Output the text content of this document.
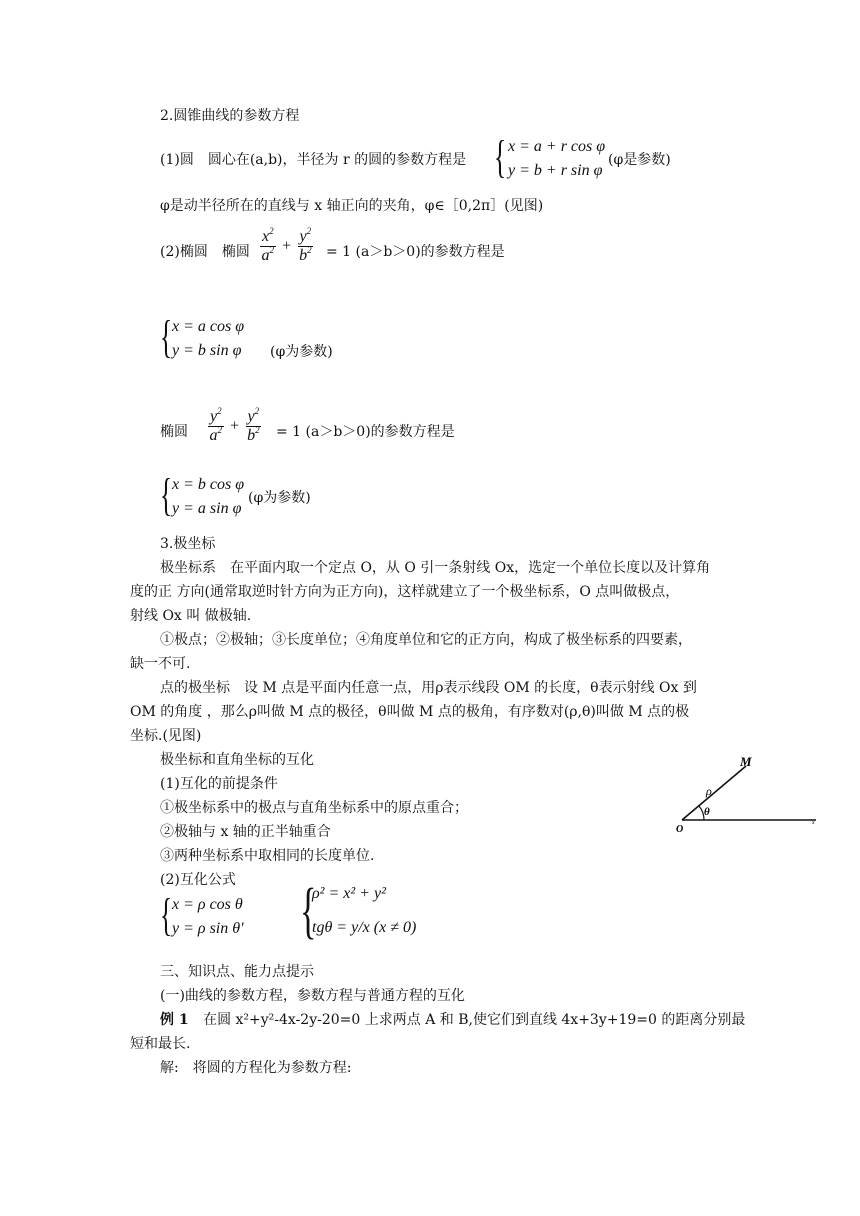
2.圆锥曲线的参数方程
(1)圆　圆心在(a,b)，半径为 r 的圆的参数方程是 { x = a + r cos φ
y = b + r sin φ
(φ是参数)
φ是动半径所在的直线与 x 轴正向的夹角，φ∈［0,2π］(见图)
(2)椭圆　椭圆 $\frac{x^2}{a^2} + \frac{y^2}{b^2} = 1$ (a＞b＞0)的参数方程是
{ x = a cos φ
y = b sin φ (φ为参数)
椭圆 $\frac{y^2}{a^2} + \frac{y^2}{b^2} = 1$ (a＞b＞0)的参数方程是
{ x = b cos φ
y = a sin φ
(φ为参数)
3.极坐标
极坐标系　在平面内取一个定点 O，从 O 引一条射线 Ox，选定一个单位长度以及计算角
度的正 方向(通常取逆时针方向为正方向)，这样就建立了一个极坐标系，O 点叫做极点，
射线 Ox 叫 做极轴.
①极点；②极轴；③长度单位；④角度单位和它的正方向，构成了极坐标系的四要素，
缺一不可.
点的极坐标　设 M 点是平面内任意一点，用ρ表示线段 OM 的长度，θ表示射线 Ox 到
OM 的角度 ，那么ρ叫做 M 点的极径，θ叫做 M 点的极角，有序数对(ρ,θ)叫做 M 点的极
坐标.(见图)
极坐标和直角坐标的互化
(1)互化的前提条件
①极坐标系中的极点与直角坐标系中的原点重合；
②极轴与 x 轴的正半轴重合
③两种坐标系中取相同的长度单位.
(2)互化公式
M
ρ
θ
O
x
{ x = ρ cos θ
y = ρ sin θ' {
ρ² = x² + y²
tgθ = y/x (x ≠ 0)
三、知识点、能力点提示
(一)曲线的参数方程，参数方程与普通方程的互化
例 1 在圆 x²+y²-4x-2y-20=0 上求两点 A 和 B,使它们到直线 4x+3y+19=0 的距离分别最
短和最长.
解:　将圆的方程化为参数方程:
